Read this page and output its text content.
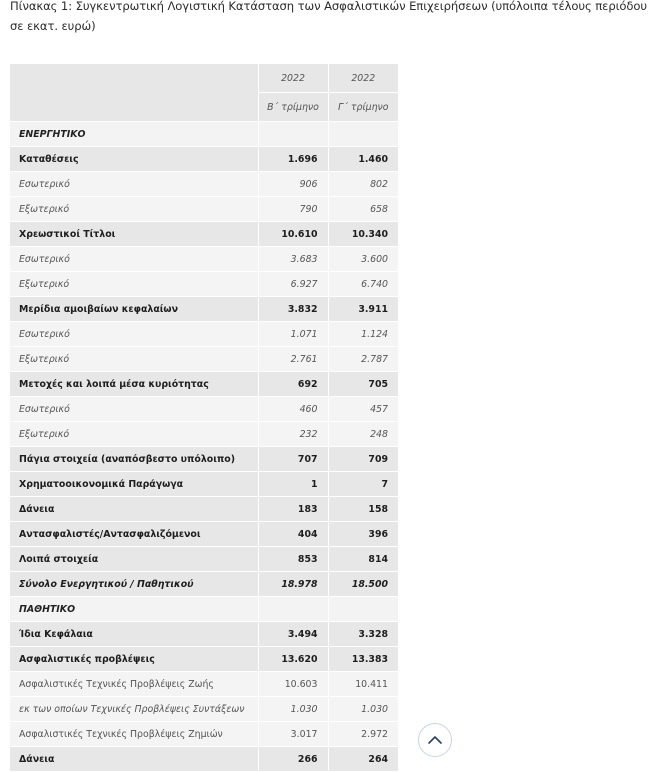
Πίνακας 1: Συγκεντρωτική Λογιστική Κατάσταση των Ασφαλιστικών Επιχειρήσεων (υπόλοιπα τέλους περιόδου
σε εκατ. ευρώ)
	2022	2022
	Β΄ τρίμηνο	Γ΄ τρίμηνο
ΕΝΕΡΓΗΤΙΚΟ		
Καταθέσεις	1.696	1.460
Εσωτερικό	906	802
Εξωτερικό	790	658
Χρεωστικοί Τίτλοι	10.610	10.340
Εσωτερικό	3.683	3.600
Εξωτερικό	6.927	6.740
Μερίδια αμοιβαίων κεφαλαίων	3.832	3.911
Εσωτερικό	1.071	1.124
Εξωτερικό	2.761	2.787
Μετοχές και λοιπά μέσα κυριότητας	692	705
Εσωτερικό	460	457
Εξωτερικό	232	248
Πάγια στοιχεία (αναπόσβεστο υπόλοιπο)	707	709
Χρηματοοικονομικά Παράγωγα	1	7
Δάνεια	183	158
Αντασφαλιστές/Αντασφαλιζόμενοι	404	396
Λοιπά στοιχεία	853	814
Σύνολο Ενεργητικού / Παθητικού	18.978	18.500
ΠΑΘΗΤΙΚΟ		
Ίδια Κεφάλαια	3.494	3.328
Ασφαλιστικές προβλέψεις	13.620	13.383
Ασφαλιστικές Τεχνικές Προβλέψεις Ζωής	10.603	10.411
εκ των οποίων Τεχνικές Προβλέψεις Συντάξεων	1.030	1.030
Ασφαλιστικές Τεχνικές Προβλέψεις Ζημιών	3.017	2.972
Δάνεια	266	264
